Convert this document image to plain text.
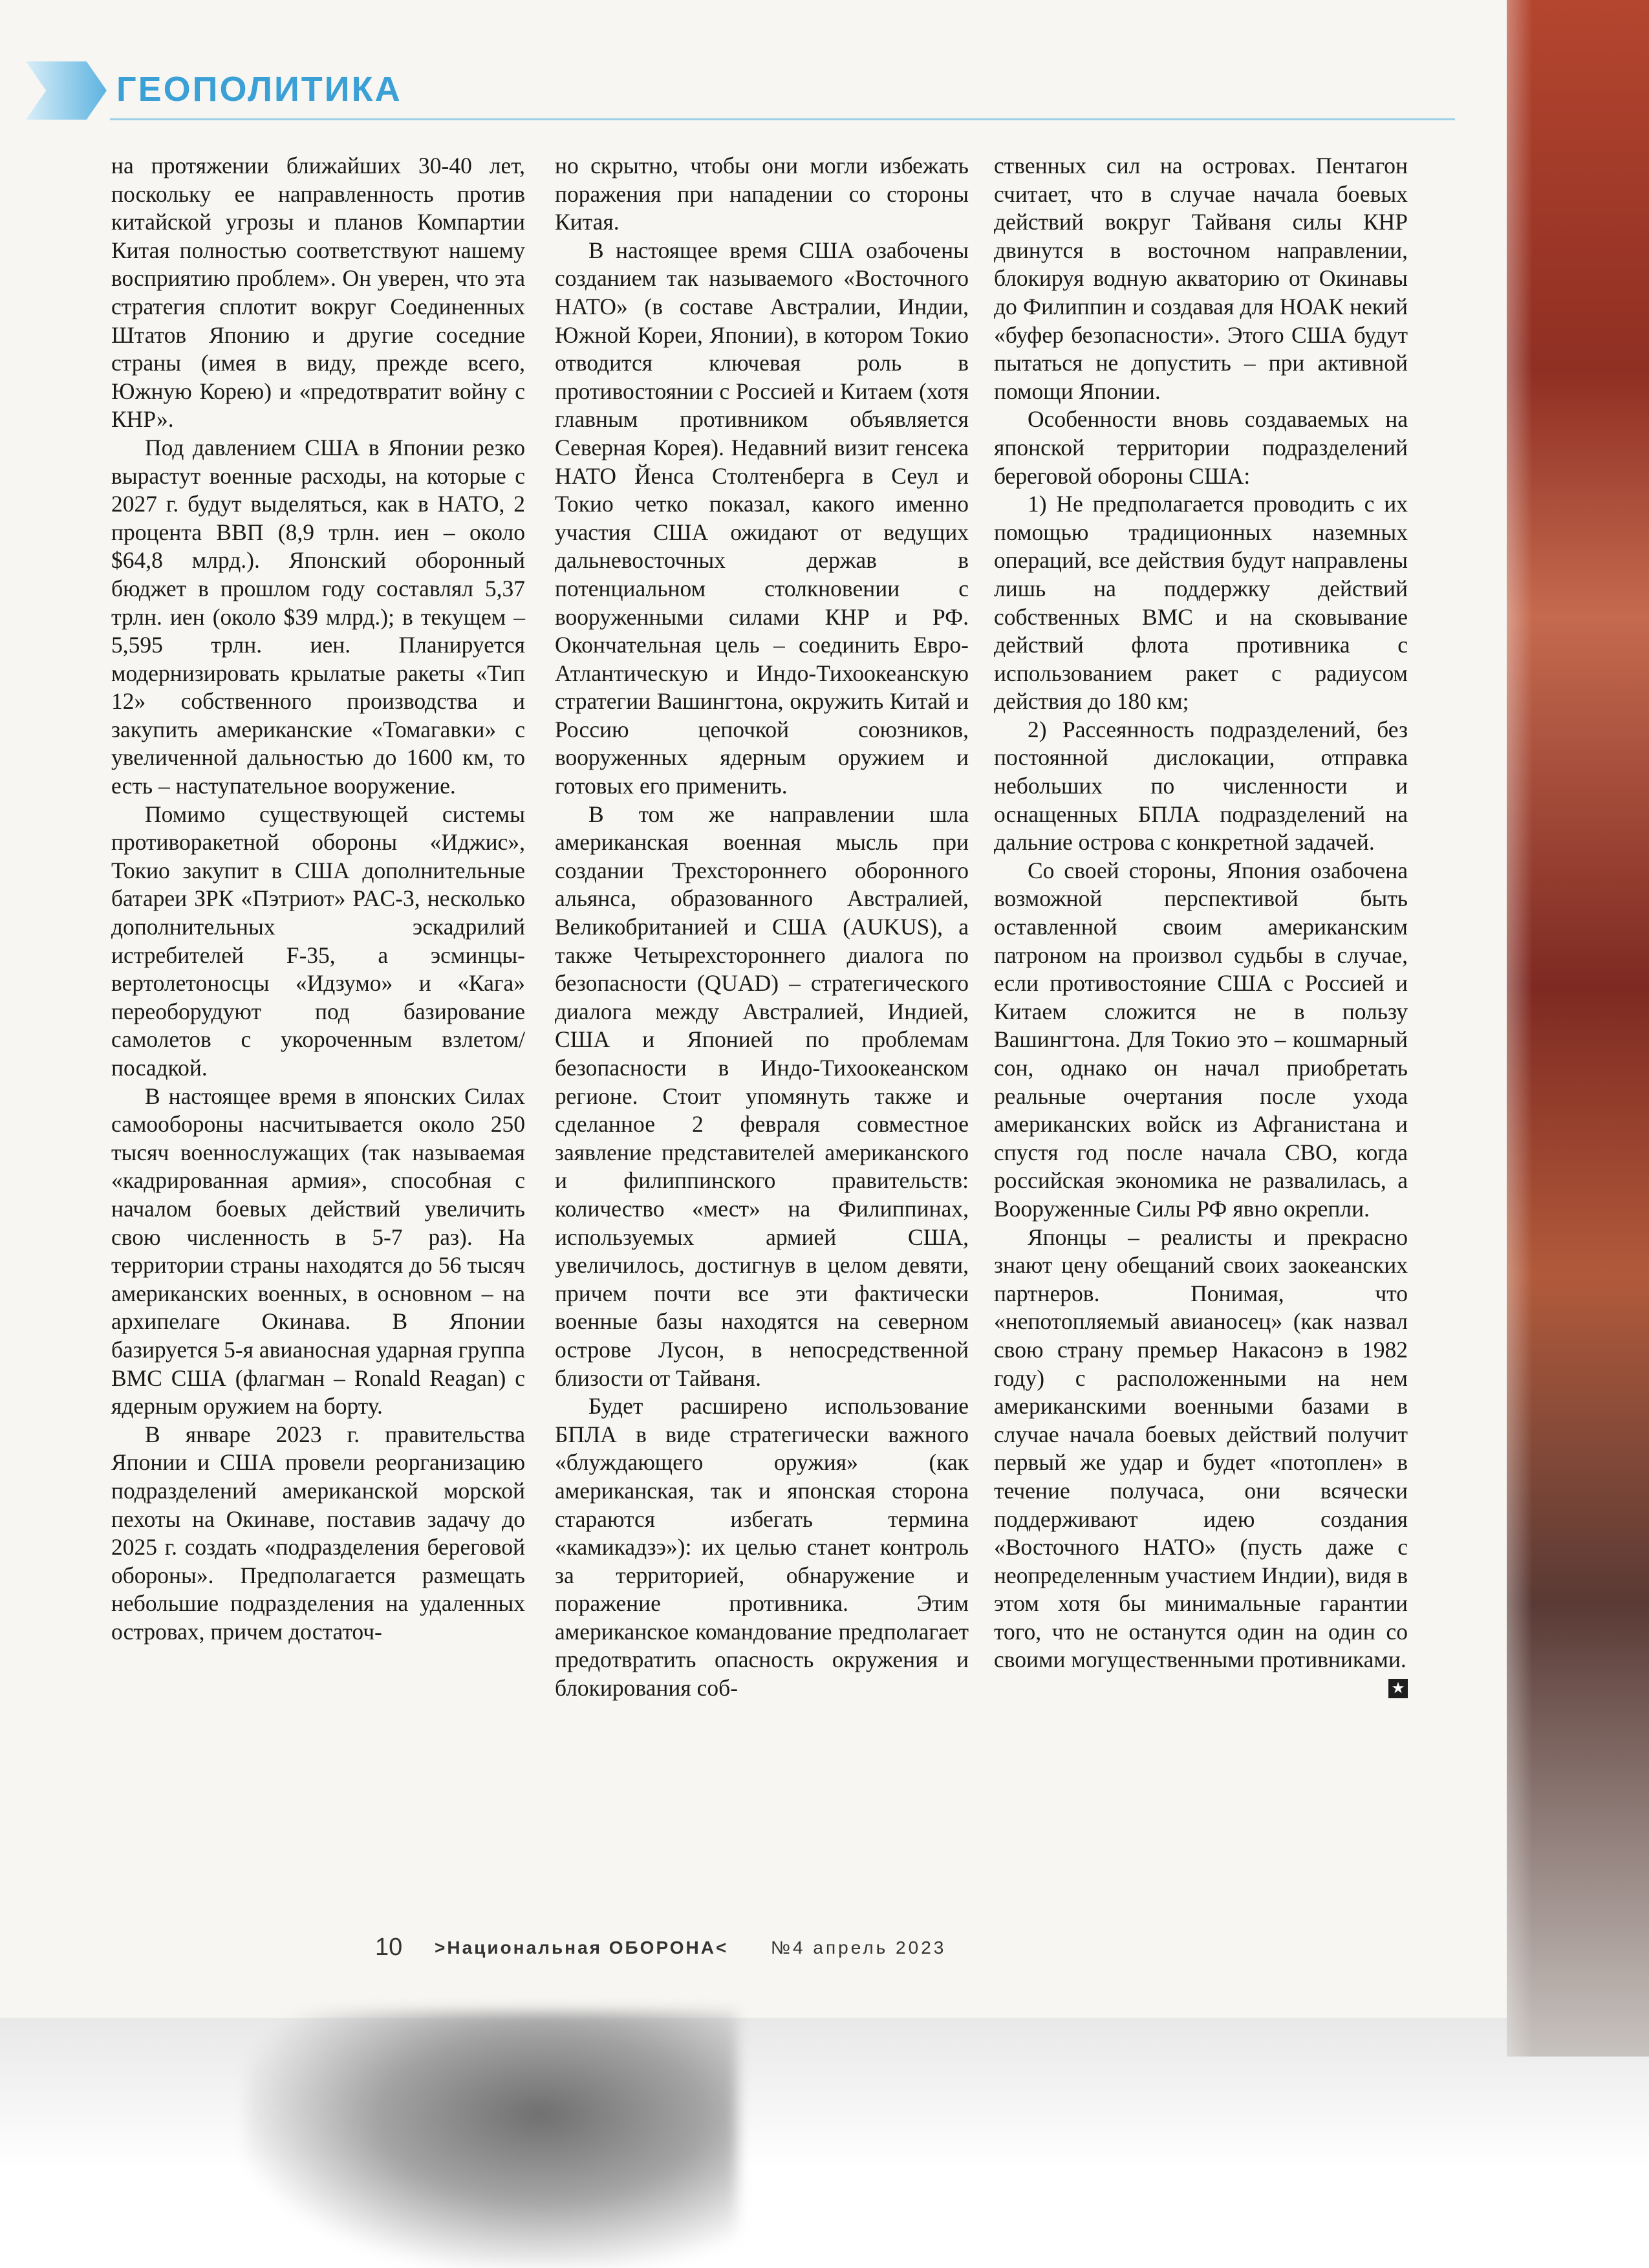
ГЕОПОЛИТИКА

на протяжении ближайших 30-40 лет, поскольку ее направленность против китайской угрозы и планов Компартии Китая полностью соответствуют нашему восприятию проблем». Он уверен, что эта стратегия сплотит вокруг Соединенных Штатов Японию и другие соседние страны (имея в виду, прежде всего, Южную Корею) и «предотвратит войну с КНР».

Под давлением США в Японии резко вырастут военные расходы, на которые с 2027 г. будут выделяться, как в НАТО, 2 процента ВВП (8,9 трлн. иен – около $64,8 млрд.). Японский оборонный бюджет в прошлом году составлял 5,37 трлн. иен (около $39 млрд.); в текущем – 5,595 трлн. иен. Планируется модернизировать крылатые ракеты «Тип 12» собственного производства и закупить американские «Томагавки» с увеличенной дальностью до 1600 км, то есть – наступательное вооружение.

Помимо существующей системы противоракетной обороны «Иджис», Токио закупит в США дополнительные батареи ЗРК «Пэтриот» PAC-3, несколько дополнительных эскадрилий истребителей F-35, а эсминцы-вертолетоносцы «Идзумо» и «Кага» переоборудуют под базирование самолетов с укороченным взлетом/посадкой.

В настоящее время в японских Силах самообороны насчитывается около 250 тысяч военнослужащих (так называемая «кадрированная армия», способная с началом боевых действий увеличить свою численность в 5-7 раз). На территории страны находятся до 56 тысяч американских военных, в основном – на архипелаге Окинава. В Японии базируется 5-я авианосная ударная группа ВМС США (флагман – Ronald Reagan) с ядерным оружием на борту.

В январе 2023 г. правительства Японии и США провели реорганизацию подразделений американской морской пехоты на Окинаве, поставив задачу до 2025 г. создать «подразделения береговой обороны». Предполагается размещать небольшие подразделения на удаленных островах, причем достаточ-

но скрытно, чтобы они могли избежать поражения при нападении со стороны Китая.

В настоящее время США озабочены созданием так называемого «Восточного НАТО» (в составе Австралии, Индии, Южной Кореи, Японии), в котором Токио отводится ключевая роль в противостоянии с Россией и Китаем (хотя главным противником объявляется Северная Корея). Недавний визит генсека НАТО Йенса Столтенберга в Сеул и Токио четко показал, какого именно участия США ожидают от ведущих дальневосточных держав в потенциальном столкновении с вооруженными силами КНР и РФ. Окончательная цель – соединить Евро-Атлантическую и Индо-Тихоокеанскую стратегии Вашингтона, окружить Китай и Россию цепочкой союзников, вооруженных ядерным оружием и готовых его применить.

В том же направлении шла американская военная мысль при создании Трехстороннего оборонного альянса, образованного Австралией, Великобританией и США (AUKUS), а также Четырехстороннего диалога по безопасности (QUAD) – стратегического диалога между Австралией, Индией, США и Японией по проблемам безопасности в Индо-Тихоокеанском регионе. Стоит упомянуть также и сделанное 2 февраля совместное заявление представителей американского и филиппинского правительств: количество «мест» на Филиппинах, используемых армией США, увеличилось, достигнув в целом девяти, причем почти все эти фактически военные базы находятся на северном острове Лусон, в непосредственной близости от Тайваня.

Будет расширено использование БПЛА в виде стратегически важного «блуждающего оружия» (как американская, так и японская сторона стараются избегать термина «камикадзэ»): их целью станет контроль за территорией, обнаружение и поражение противника. Этим американское командование предполагает предотвратить опасность окружения и блокирования соб-

ственных сил на островах. Пентагон считает, что в случае начала боевых действий вокруг Тайваня силы КНР двинутся в восточном направлении, блокируя водную акваторию от Окинавы до Филиппин и создавая для НОАК некий «буфер безопасности». Этого США будут пытаться не допустить – при активной помощи Японии.

Особенности вновь создаваемых на японской территории подразделений береговой обороны США:

1) Не предполагается проводить с их помощью традиционных наземных операций, все действия будут направлены лишь на поддержку действий собственных ВМС и на сковывание действий флота противника с использованием ракет с радиусом действия до 180 км;

2) Рассеянность подразделений, без постоянной дислокации, отправка небольших по численности и оснащенных БПЛА подразделений на дальние острова с конкретной задачей.

Со своей стороны, Япония озабочена возможной перспективой быть оставленной своим американским патроном на произвол судьбы в случае, если противостояние США с Россией и Китаем сложится не в пользу Вашингтона. Для Токио это – кошмарный сон, однако он начал приобретать реальные очертания после ухода американских войск из Афганистана и спустя год после начала СВО, когда российская экономика не развалилась, а Вооруженные Силы РФ явно окрепли.

Японцы – реалисты и прекрасно знают цену обещаний своих заокеанских партнеров. Понимая, что «непотопляемый авианосец» (как назвал свою страну премьер Накасонэ в 1982 году) с расположенными на нем американскими военными базами в случае начала боевых действий получит первый же удар и будет «потоплен» в течение получаса, они всячески поддерживают идею создания «Восточного НАТО» (пусть даже с неопределенным участием Индии), видя в этом хотя бы минимальные гарантии того, что не останутся один на один со своими могущественными противниками.

★
10 >Национальная ОБОРОНА< №4 апрель 2023
